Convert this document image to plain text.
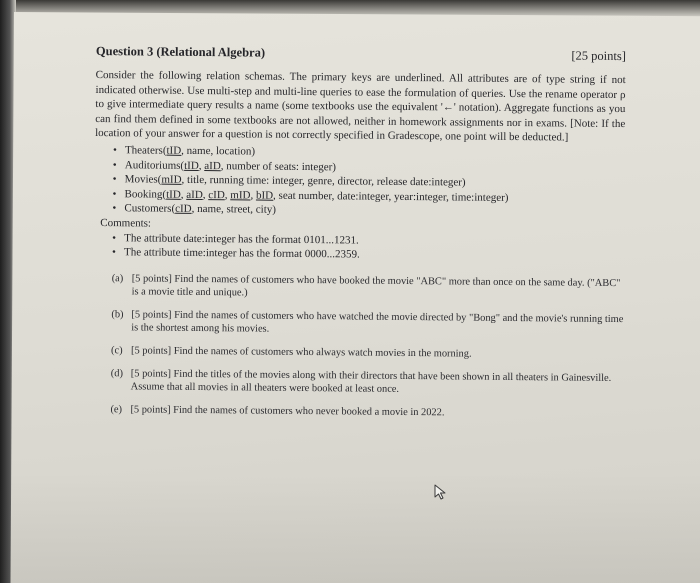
Question 3 (Relational Algebra)	[25 points]

Consider the following relation schemas. The primary keys are underlined. All attributes are of type string if not indicated otherwise. Use multi-step and multi-line queries to ease the formulation of queries. Use the rename operator ρ to give intermediate query results a name (some textbooks use the equivalent '←' notation). Aggregate functions as you can find them defined in some textbooks are not allowed, neither in homework assignments nor in exams. [Note: If the location of your answer for a question is not correctly specified in Gradescope, one point will be deducted.]

• Theaters(tID, name, location)
• Auditoriums(tID, aID, number of seats: integer)
• Movies(mID, title, running time: integer, genre, director, release date:integer)
• Booking(tID, aID, cID, mID, bID, seat number, date:integer, year:integer, time:integer)
• Customers(cID, name, street, city)
Comments:
• The attribute date:integer has the format 0101...1231.
• The attribute time:integer has the format 0000...2359.
(a) [5 points] Find the names of customers who have booked the movie "ABC" more than once on the same day. ("ABC" is a movie title and unique.)
(b) [5 points] Find the names of customers who have watched the movie directed by "Bong" and the movie's running time is the shortest among his movies.
(c) [5 points] Find the names of customers who always watch movies in the morning.
(d) [5 points] Find the titles of the movies along with their directors that have been shown in all theaters in Gainesville. Assume that all movies in all theaters were booked at least once.
(e) [5 points] Find the names of customers who never booked a movie in 2022.
